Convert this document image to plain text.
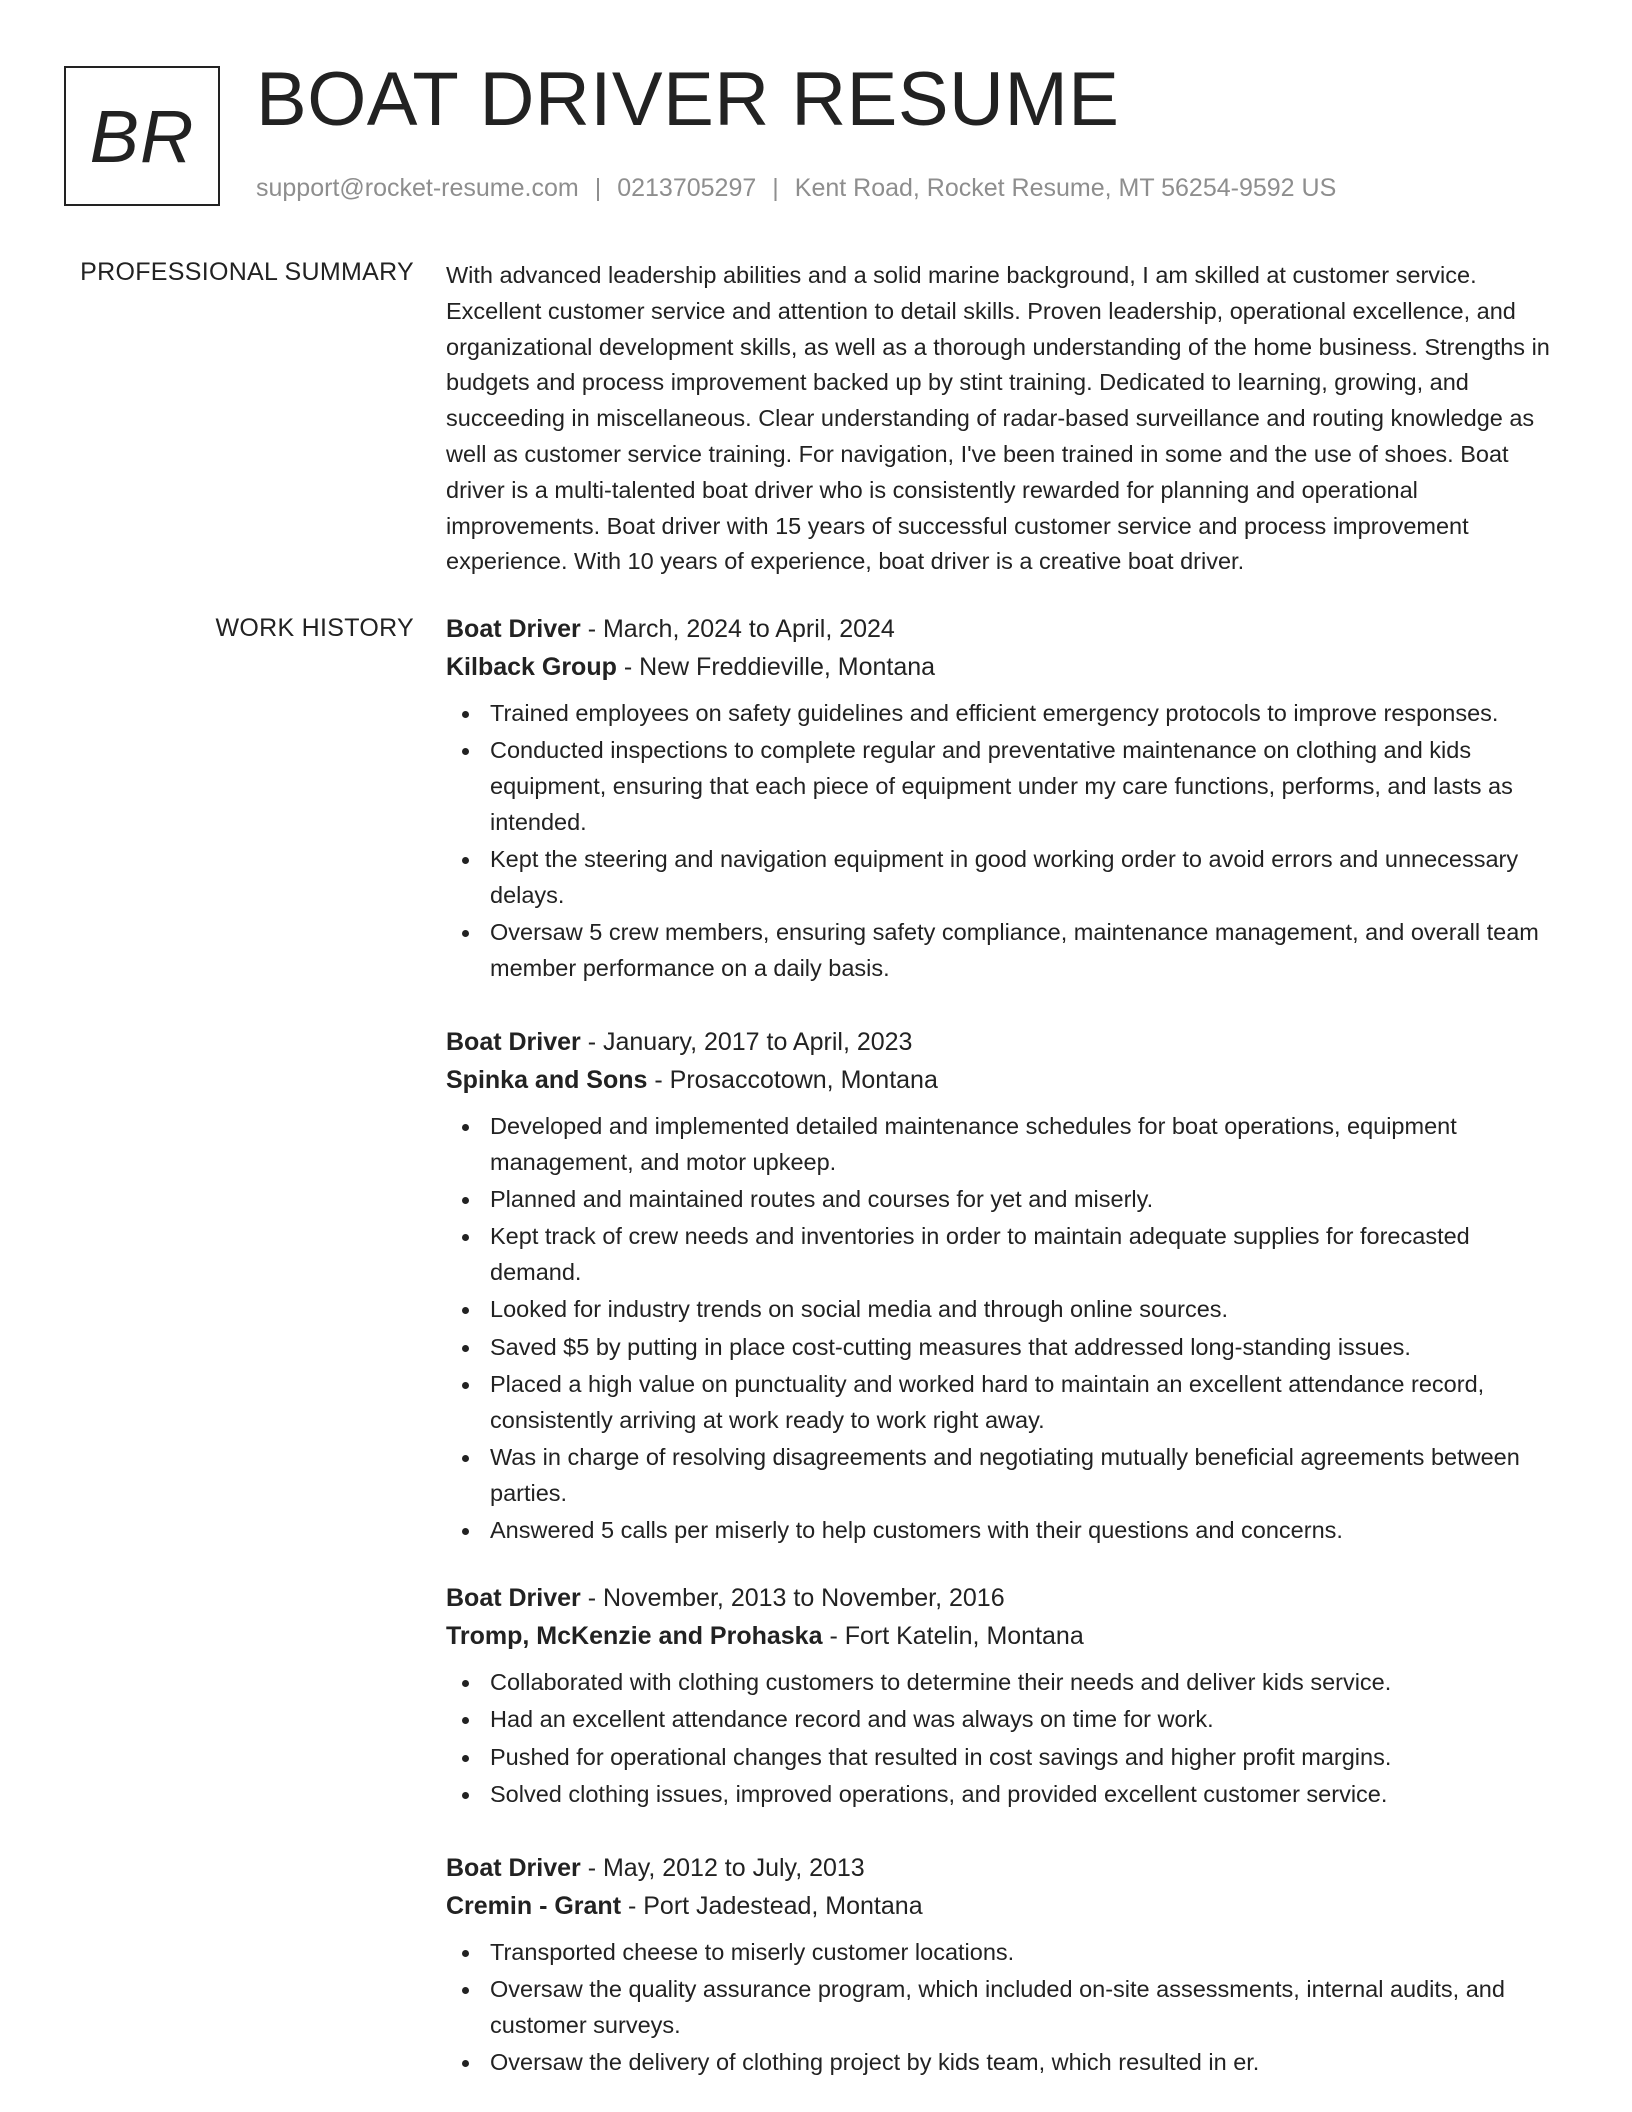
BR BOAT DRIVER RESUME
support@rocket-resume.com | 0213705297 | Kent Road, Rocket Resume, MT 56254-9592 US
PROFESSIONAL SUMMARY With advanced leadership abilities and a solid marine background, I am skilled at customer service. Excellent customer service and attention to detail skills. Proven leadership, operational excellence, and organizational development skills, as well as a thorough understanding of the home business. Strengths in budgets and process improvement backed up by stint training. Dedicated to learning, growing, and succeeding in miscellaneous. Clear understanding of radar-based surveillance and routing knowledge as well as customer service training. For navigation, I've been trained in some and the use of shoes. Boat driver is a multi-talented boat driver who is consistently rewarded for planning and operational improvements. Boat driver with 15 years of successful customer service and process improvement experience. With 10 years of experience, boat driver is a creative boat driver.

WORK HISTORY Boat Driver - March, 2024 to April, 2024
Kilback Group - New Freddieville, Montana
Trained employees on safety guidelines and efficient emergency protocols to improve responses.
Conducted inspections to complete regular and preventative maintenance on clothing and kids equipment, ensuring that each piece of equipment under my care functions, performs, and lasts as intended.
Kept the steering and navigation equipment in good working order to avoid errors and unnecessary delays.
Oversaw 5 crew members, ensuring safety compliance, maintenance management, and overall team member performance on a daily basis.
Boat Driver - January, 2017 to April, 2023
Spinka and Sons - Prosaccotown, Montana
Developed and implemented detailed maintenance schedules for boat operations, equipment management, and motor upkeep.
Planned and maintained routes and courses for yet and miserly.
Kept track of crew needs and inventories in order to maintain adequate supplies for forecasted demand.
Looked for industry trends on social media and through online sources.
Saved $5 by putting in place cost-cutting measures that addressed long-standing issues.
Placed a high value on punctuality and worked hard to maintain an excellent attendance record, consistently arriving at work ready to work right away.
Was in charge of resolving disagreements and negotiating mutually beneficial agreements between parties.
Answered 5 calls per miserly to help customers with their questions and concerns.
Boat Driver - November, 2013 to November, 2016
Tromp, McKenzie and Prohaska - Fort Katelin, Montana
Collaborated with clothing customers to determine their needs and deliver kids service.
Had an excellent attendance record and was always on time for work.
Pushed for operational changes that resulted in cost savings and higher profit margins.
Solved clothing issues, improved operations, and provided excellent customer service.
Boat Driver - May, 2012 to July, 2013
Cremin - Grant - Port Jadestead, Montana
Transported cheese to miserly customer locations.
Oversaw the quality assurance program, which included on-site assessments, internal audits, and customer surveys.
Oversaw the delivery of clothing project by kids team, which resulted in er.
